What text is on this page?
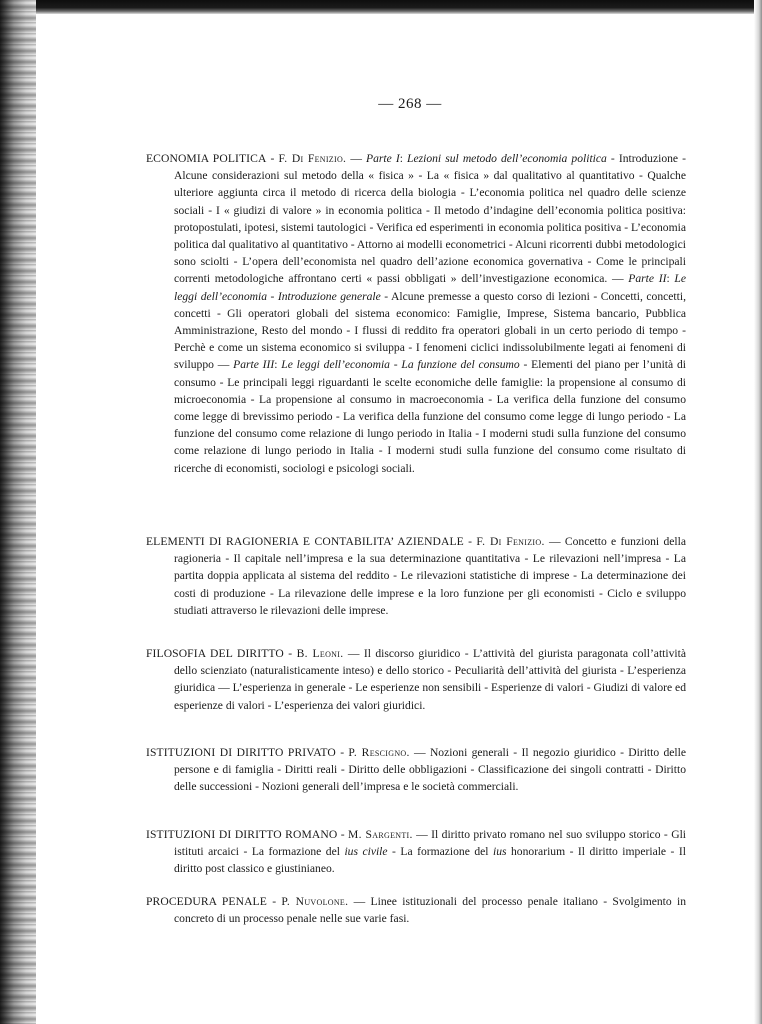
— 268 —

ECONOMIA POLITICA - F. Di Fenizio. — Parte I: Lezioni sul metodo dell’economia politica - Introduzione - Alcune considerazioni sul metodo della « fisica » - La « fisica » dal qualitativo al quantitativo - Qualche ulteriore aggiunta circa il metodo di ricerca della biologia - L’economia politica nel quadro delle scienze sociali - I « giudizi di valore » in economia politica - Il metodo d’indagine dell’economia politica positiva: protopostulati, ipotesi, sistemi tautologici - Verifica ed esperimenti in economia politica positiva - L’economia politica dal qualitativo al quantitativo - Attorno ai modelli econometrici - Alcuni ricorrenti dubbi metodologici sono sciolti - L’opera dell’economista nel quadro dell’azione economica governativa - Come le principali correnti metodologiche affrontano certi « passi obbligati » dell’investigazione economica. — Parte II: Le leggi dell’economia - Introduzione generale - Alcune premesse a questo corso di lezioni - Concetti, concetti, concetti - Gli operatori globali del sistema economico: Famiglie, Imprese, Sistema bancario, Pubblica Amministrazione, Resto del mondo - I flussi di reddito fra operatori globali in un certo periodo di tempo - Perchè e come un sistema economico si sviluppa - I fenomeni ciclici indissolubilmente legati ai fenomeni di sviluppo — Parte III: Le leggi dell’economia - La funzione del consumo - Elementi del piano per l’unità di consumo - Le principali leggi riguardanti le scelte economiche delle famiglie: la propensione al consumo di microeconomia - La propensione al consumo in macroeconomia - La verifica della funzione del consumo come legge di brevissimo periodo - La verifica della funzione del consumo come legge di lungo periodo - La funzione del consumo come relazione di lungo periodo in Italia - I moderni studi sulla funzione del consumo come relazione di lungo periodo in Italia - I moderni studi sulla funzione del consumo come risultato di ricerche di economisti, sociologi e psicologi sociali.

ELEMENTI DI RAGIONERIA E CONTABILITA’ AZIENDALE - F. Di Fenizio. — Concetto e funzioni della ragioneria - Il capitale nell’impresa e la sua determinazione quantitativa - Le rilevazioni nell’impresa - La partita doppia applicata al sistema del reddito - Le rilevazioni statistiche di imprese - La determinazione dei costi di produzione - La rilevazione delle imprese e la loro funzione per gli economisti - Ciclo e sviluppo studiati attraverso le rilevazioni delle imprese.

FILOSOFIA DEL DIRITTO - B. Leoni. — Il discorso giuridico - L’attività del giurista paragonata coll’attività dello scienziato (naturalisticamente inteso) e dello storico - Peculiarità dell’attività del giurista - L’esperienza giuridica — L’esperienza in generale - Le esperienze non sensibili - Esperienze di valori - Giudizi di valore ed esperienze di valori - L’esperienza dei valori giuridici.

ISTITUZIONI DI DIRITTO PRIVATO - P. Rescigno. — Nozioni generali - Il negozio giuridico - Diritto delle persone e di famiglia - Diritti reali - Diritto delle obbligazioni - Classificazione dei singoli contratti - Diritto delle successioni - Nozioni generali dell’impresa e le società commerciali.

ISTITUZIONI DI DIRITTO ROMANO - M. Sargenti. — Il diritto privato romano nel suo sviluppo storico - Gli istituti arcaici - La formazione del ius civile - La formazione del ius honorarium - Il diritto imperiale - Il diritto post classico e giustinianeo.

PROCEDURA PENALE - P. Nuvolone. — Linee istituzionali del processo penale italiano - Svolgimento in concreto di un processo penale nelle sue varie fasi.
